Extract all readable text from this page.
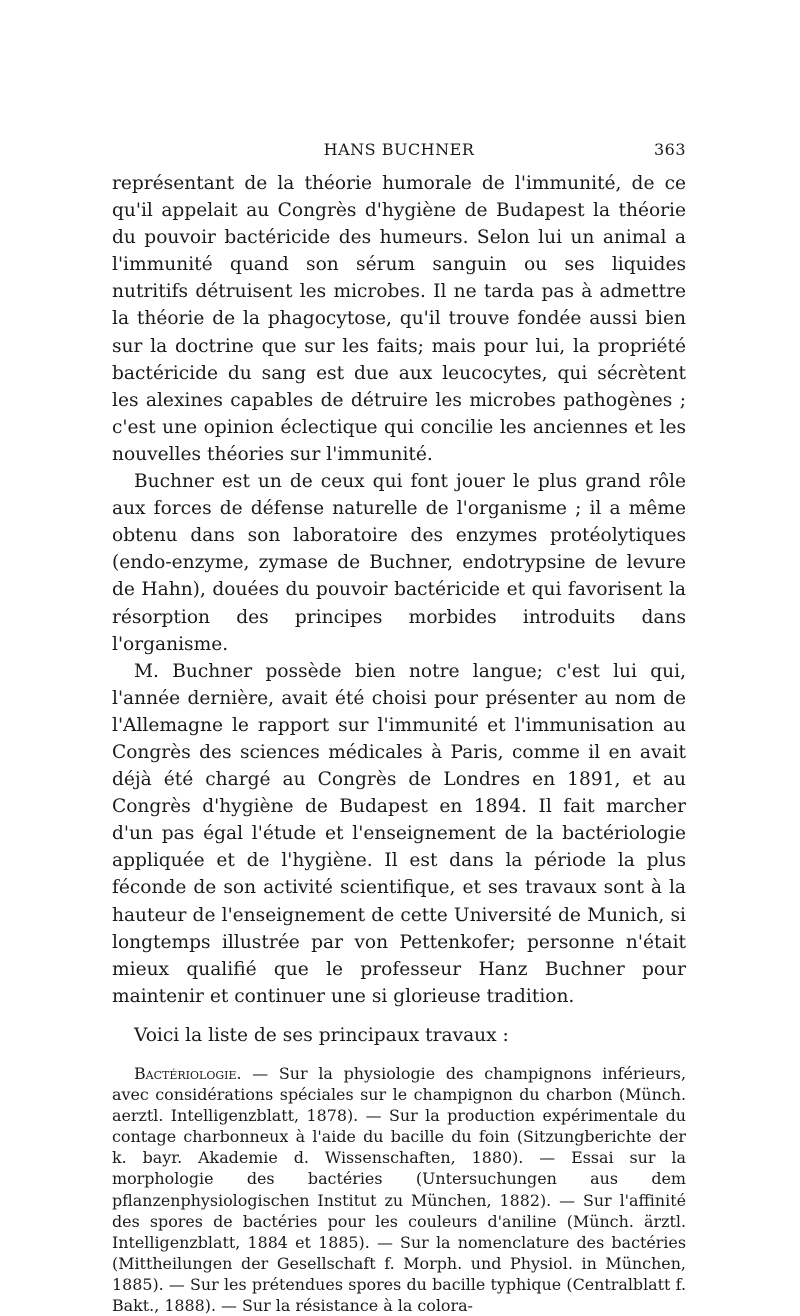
HANS BUCHNER	363

représentant de la théorie humorale de l'immunité, de ce qu'il appelait au Congrès d'hygiène de Budapest la théorie du pouvoir bactéricide des humeurs. Selon lui un animal a l'immunité quand son sérum sanguin ou ses liquides nutritifs détruisent les microbes. Il ne tarda pas à admettre la théorie de la phagocytose, qu'il trouve fondée aussi bien sur la doctrine que sur les faits; mais pour lui, la propriété bactéricide du sang est due aux leucocytes, qui sécrètent les alexines capables de détruire les microbes pathogènes ; c'est une opinion éclectique qui concilie les anciennes et les nouvelles théories sur l'immunité.

Buchner est un de ceux qui font jouer le plus grand rôle aux forces de défense naturelle de l'organisme ; il a même obtenu dans son laboratoire des enzymes protéolytiques (endo-enzyme, zymase de Buchner, endotrypsine de levure de Hahn), douées du pouvoir bactéricide et qui favorisent la résorption des principes morbides introduits dans l'organisme.

M. Buchner possède bien notre langue; c'est lui qui, l'année dernière, avait été choisi pour présenter au nom de l'Allemagne le rapport sur l'immunité et l'immunisation au Congrès des sciences médicales à Paris, comme il en avait déjà été chargé au Congrès de Londres en 1891, et au Congrès d'hygiène de Budapest en 1894. Il fait marcher d'un pas égal l'étude et l'enseignement de la bactériologie appliquée et de l'hygiène. Il est dans la période la plus féconde de son activité scientifique, et ses travaux sont à la hauteur de l'enseignement de cette Université de Munich, si longtemps illustrée par von Pettenkofer; personne n'était mieux qualifié que le professeur Hanz Buchner pour maintenir et continuer une si glorieuse tradition.

Voici la liste de ses principaux travaux :

Bactériologie. — Sur la physiologie des champignons inférieurs, avec considérations spéciales sur le champignon du charbon (Münch. aerztl. Intelligenzblatt, 1878). — Sur la production expérimentale du contage charbonneux à l'aide du bacille du foin (Sitzungberichte der k. bayr. Akademie d. Wissenschaften, 1880). — Essai sur la morphologie des bactéries (Untersuchungen aus dem pflanzenphysiologischen Institut zu München, 1882). — Sur l'affinité des spores de bactéries pour les couleurs d'aniline (Münch. ärztl. Intelligenzblatt, 1884 et 1885). — Sur la nomenclature des bactéries (Mittheilungen der Gesellschaft f. Morph. und Physiol. in München, 1885). — Sur les prétendues spores du bacille typhique (Centralblatt f. Bakt., 1888). — Sur la résistance à la colora-
